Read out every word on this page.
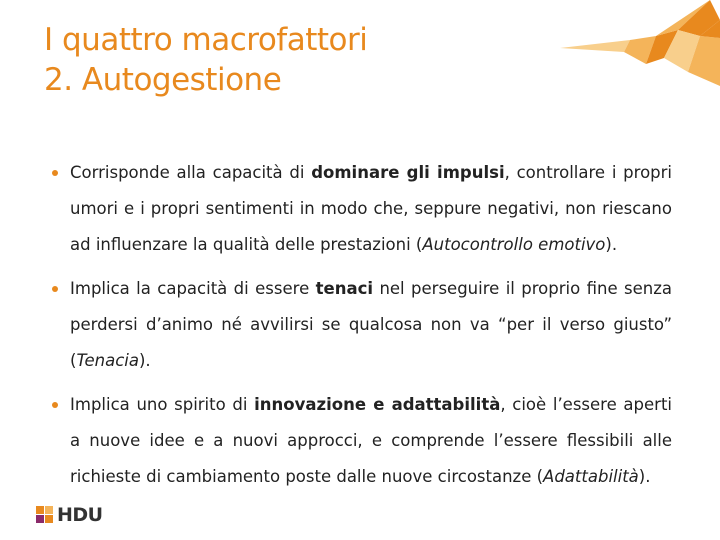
I quattro macrofattori
2. Autogestione
Corrisponde alla capacità di dominare gli impulsi, controllare i propri umori e i propri sentimenti in modo che, seppure negativi, non riescano ad influenzare la qualità delle prestazioni (Autocontrollo emotivo).
Implica la capacità di essere tenaci nel perseguire il proprio fine senza perdersi d’animo né avvilirsi se qualcosa non va “per il verso giusto” (Tenacia).
Implica uno spirito di innovazione e adattabilità, cioè l’essere aperti a nuove idee e a nuovi approcci, e comprende l’essere flessibili alle richieste di cambiamento poste dalle nuove circostanze (Adattabilità).
HDU
